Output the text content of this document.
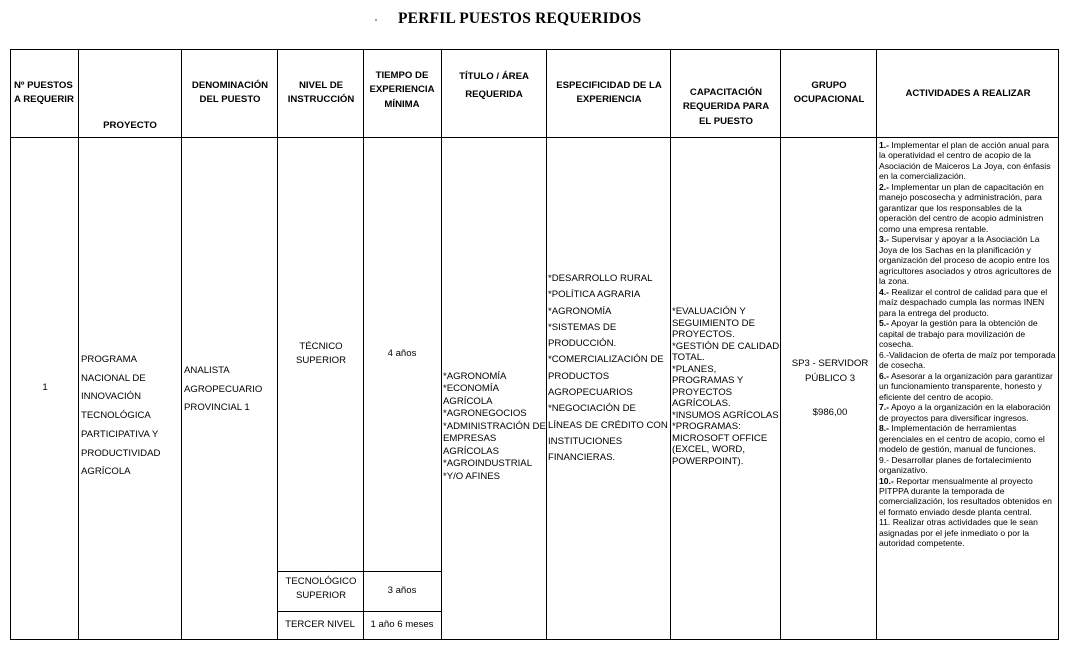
· PERFIL PUESTOS REQUERIDOS
Nº PUESTOS A REQUERIR
PROYECTO
DENOMINACIÓN DEL PUESTO
NIVEL DE INSTRUCCIÓN
TIEMPO DE EXPERIENCIA MÍNIMA
TÍTULO / ÁREA REQUERIDA
ESPECIFICIDAD DE LA EXPERIENCIA
CAPACITACIÓN REQUERIDA PARA EL PUESTO
GRUPO OCUPACIONAL
ACTIVIDADES A REALIZAR
1
PROGRAMA NACIONAL DE INNOVACIÓN TECNOLÓGICA PARTICIPATIVA Y PRODUCTIVIDAD AGRÍCOLA
ANALISTA AGROPECUARIO PROVINCIAL 1
TÉCNICO SUPERIOR
4 años
TECNOLÓGICO SUPERIOR	3 años
TERCER NIVEL	1 año 6 meses
*AGRONOMÍA
*ECONOMÍA AGRÍCOLA
*AGRONEGOCIOS
*ADMINISTRACIÓN DE EMPRESAS AGRÍCOLAS
*AGROINDUSTRIAL
*Y/O AFINES
*DESARROLLO RURAL
*POLÍTICA AGRARIA
*AGRONOMÍA
*SISTEMAS DE PRODUCCIÓN.
*COMERCIALIZACIÓN DE PRODUCTOS AGROPECUARIOS
*NEGOCIACIÓN DE LÍNEAS DE CRÉDITO CON INSTITUCIONES FINANCIERAS.
*EVALUACIÓN Y SEGUIMIENTO DE PROYECTOS.
*GESTIÓN DE CALIDAD TOTAL.
*PLANES, PROGRAMAS Y PROYECTOS AGRÍCOLAS.
*INSUMOS AGRÍCOLAS
*PROGRAMAS: MICROSOFT OFFICE (EXCEL, WORD, POWERPOINT).
SP3 - SERVIDOR PÚBLICO 3
$986,00
1.- Implementar el plan de acción anual para la operatividad el centro de acopio de la Asociación de Maiceros La Joya, con énfasis en la comercialización.
2.- Implementar un plan de capacitación en manejo poscosecha y administración, para garantizar que los responsables de la operación del centro de acopio administren como una empresa rentable.
3.- Supervisar y apoyar a la Asociación La Joya de los Sachas en la planificación y organización del proceso de acopio entre los agricultores asociados y otros agricultores de la zona.
4.- Realizar el control de calidad para que el maíz despachado cumpla las normas INEN para la entrega del producto.
5.- Apoyar la gestión para la obtención de capital de trabajo para movilización de cosecha.
6.-Validacion de oferta de maíz por temporada de cosecha.
6.- Asesorar a la organización para garantizar un funcionamiento transparente, honesto y eficiente del centro de acopio.
7.- Apoyo a la organización en la elaboración de proyectos para diversificar ingresos.
8.- Implementación de herramientas gerenciales en el centro de acopio, como el modelo de gestión, manual de funciones.
9.- Desarrollar planes de fortalecimiento organizativo.
10.- Reportar mensualmente al proyecto PITPPA durante la temporada de comercialización, los resultados obtenidos en el formato enviado desde planta central.
11. Realizar otras actividades que le sean asignadas por el jefe inmediato o por la autoridad competente.
